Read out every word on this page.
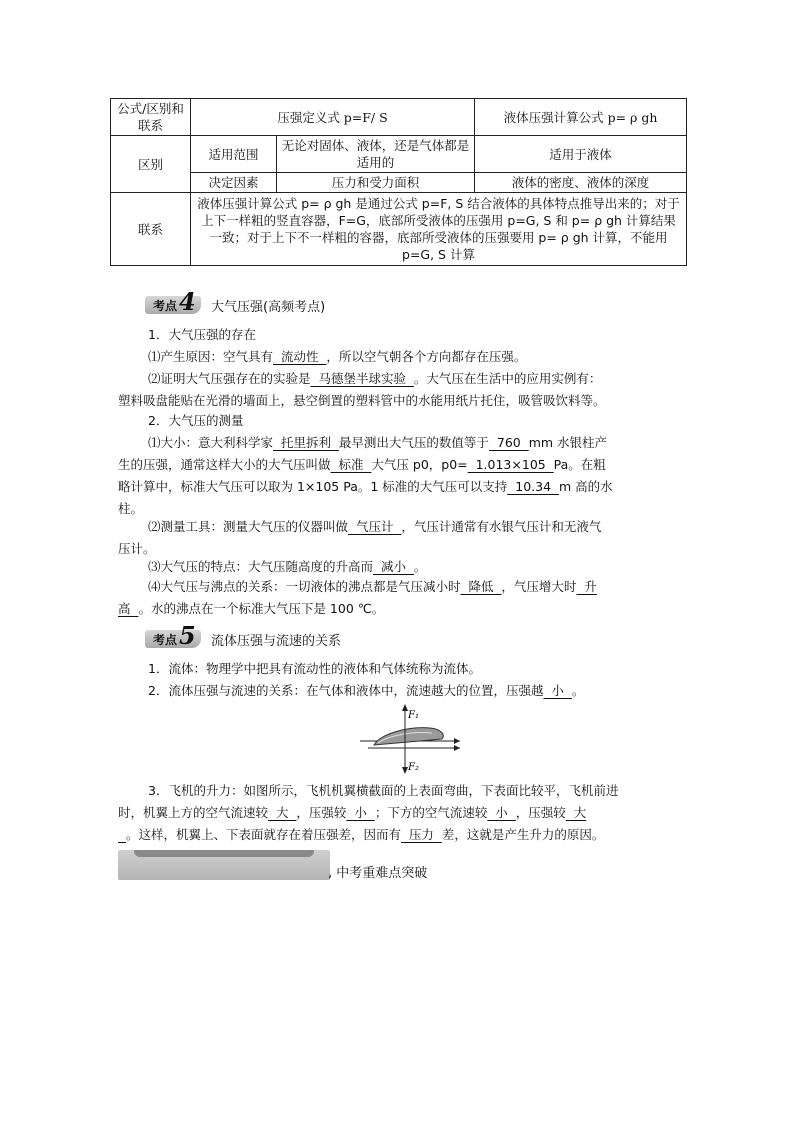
公式/区别和联系	压强定义式 p=F/ S		液体压强计算公式 p= ρ gh
区别	适用范围	无论对固体、液体，还是气体都是适用的	适用于液体
	决定因素	压力和受力面积	液体的密度、液体的深度
联系	液体压强计算公式 p= ρ gh 是通过公式 p=F, S 结合液体的具体特点推导出来的；对于上下一样粗的竖直容器，F=G，底部所受液体的压强用 p=G, S 和 p= ρ gh 计算结果一致；对于上下不一样粗的容器，底部所受液体的压强要用 p= ρ gh 计算，不能用 p=G, S 计算		
考点 4 大气压强(高频考点)
1．大气压强的存在
⑴产生原因：空气具有  流动性  ，所以空气朝各个方向都存在压强。
⑵证明大气压强存在的实验是  马德堡半球实验  。大气压在生活中的应用实例有：
塑料吸盘能贴在光滑的墙面上，悬空倒置的塑料管中的水能用纸片托住，吸管吸饮料等。
2．大气压的测量
⑴大小：意大利科学家  托里拆利  最早测出大气压的数值等于  760  mm 水银柱产
生的压强，通常这样大小的大气压叫做  标准  大气压 p0，p0=  1.013×105  Pa。在粗
略计算中，标准大气压可以取为 1×105 Pa。1 标准的大气压可以支持  10.34  m 高的水
柱。
⑵测量工具：测量大气压的仪器叫做  气压计  ，气压计通常有水银气压计和无液气
压计。
⑶大气压的特点：大气压随高度的升高而  减小  。
⑷大气压与沸点的关系：一切液体的沸点都是气压减小时  降低  ，气压增大时  升
高  。水的沸点在一个标准大气压下是 100 ℃。
考点 5 流体压强与流速的关系
1．流体：物理学中把具有流动性的液体和气体统称为流体。
2．流体压强与流速的关系：在气体和液体中，流速越大的位置，压强越  小  。
F₁
F₂
3．飞机的升力：如图所示，飞机机翼横截面的上表面弯曲，下表面比较平，飞机前进
时，机翼上方的空气流速较  大  ，压强较  小  ；下方的空气流速较  小  ，压强较  大
。这样，机翼上、下表面就存在着压强差，因而有  压力  差，这就是产生升力的原因。
, 中考重难点突破
